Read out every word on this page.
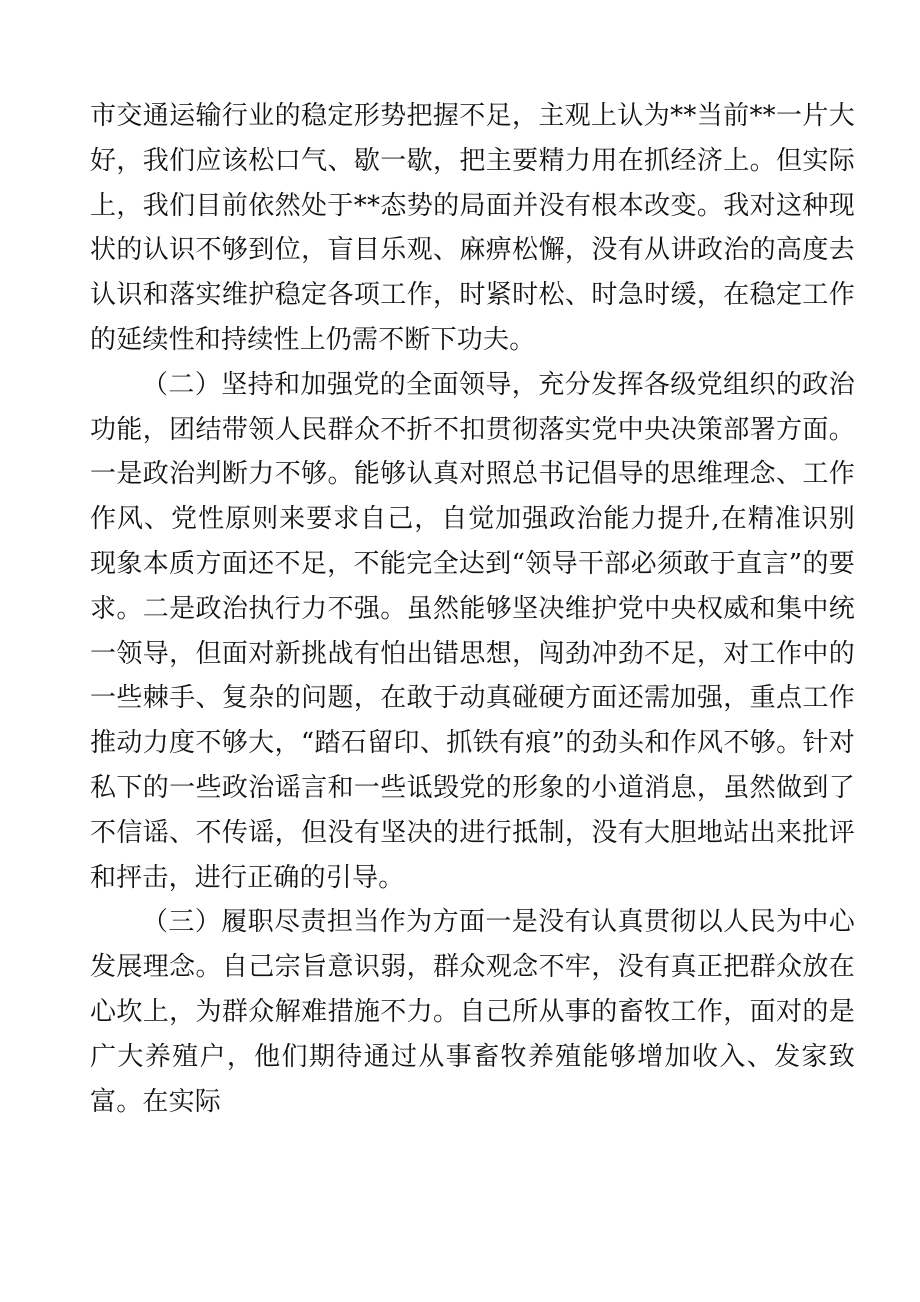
市交通运输行业的稳定形势把握不足，主观上认为**当前**一片大好，我们应该松口气、歇一歇，把主要精力用在抓经济上。但实际上，我们目前依然处于**态势的局面并没有根本改变。我对这种现状的认识不够到位，盲目乐观、麻痹松懈，没有从讲政治的高度去认识和落实维护稳定各项工作，时紧时松、时急时缓，在稳定工作的延续性和持续性上仍需不断下功夫。

（二）坚持和加强党的全面领导，充分发挥各级党组织的政治功能，团结带领人民群众不折不扣贯彻落实党中央决策部署方面。一是政治判断力不够。能够认真对照总书记倡导的思维理念、工作作风、党性原则来要求自己，自觉加强政治能力提升,在精准识别现象本质方面还不足，不能完全达到“领导干部必须敢于直言”的要求。二是政治执行力不强。虽然能够坚决维护党中央权威和集中统一领导，但面对新挑战有怕出错思想，闯劲冲劲不足，对工作中的一些棘手、复杂的问题，在敢于动真碰硬方面还需加强，重点工作推动力度不够大，“踏石留印、抓铁有痕”的劲头和作风不够。针对私下的一些政治谣言和一些诋毁党的形象的小道消息，虽然做到了不信谣、不传谣，但没有坚决的进行抵制，没有大胆地站出来批评和抨击，进行正确的引导。

（三）履职尽责担当作为方面一是没有认真贯彻以人民为中心发展理念。自己宗旨意识弱，群众观念不牢，没有真正把群众放在心坎上，为群众解难措施不力。自己所从事的畜牧工作，面对的是广大养殖户，他们期待通过从事畜牧养殖能够增加收入、发家致富。在实际
